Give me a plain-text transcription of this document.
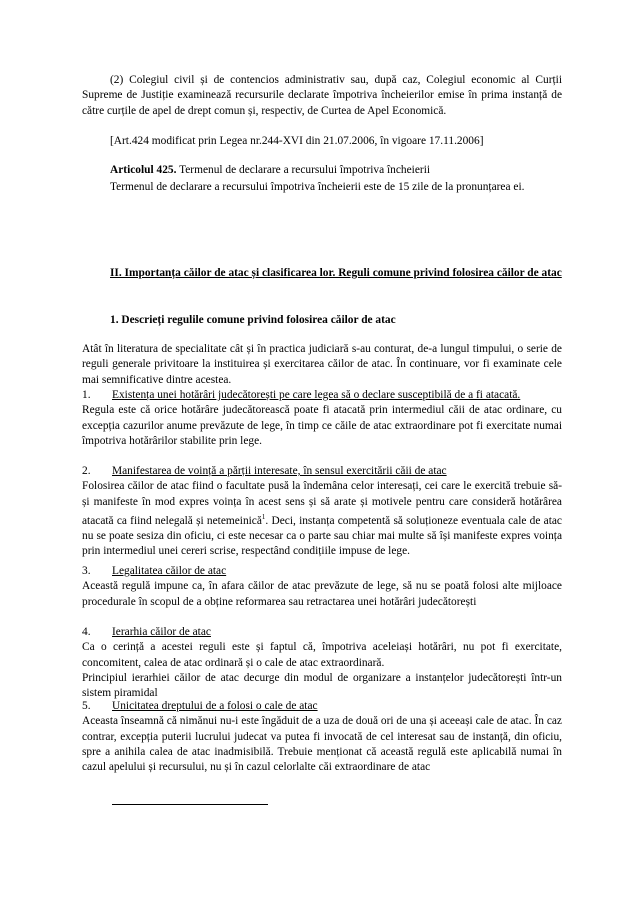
(2) Colegiul civil și de contencios administrativ sau, după caz, Colegiul economic al Curții Supreme de Justiție examinează recursurile declarate împotriva încheierilor emise în prima instanță de către curțile de apel de drept comun și, respectiv, de Curtea de Apel Economică.

[Art.424 modificat prin Legea nr.244-XVI din 21.07.2006, în vigoare 17.11.2006]

Articolul 425. Termenul de declarare a recursului împotriva încheierii

Termenul de declarare a recursului împotriva încheierii este de 15 zile de la pronunțarea ei.

II. Importanța căilor de atac și clasificarea lor. Reguli comune privind folosirea căilor de atac

1. Descrieți regulile comune privind folosirea căilor de atac

Atât în literatura de specialitate cât și în practica judiciară s-au conturat, de-a lungul timpului, o serie de reguli generale privitoare la instituirea și exercitarea căilor de atac. În continuare, vor fi examinate cele mai semnificative dintre acestea.

1.	Existența unei hotărâri judecătorești pe care legea să o declare susceptibilă de a fi atacată.
Regula este că orice hotărâre judecătorească poate fi atacată prin intermediul căii de atac ordinare, cu excepția cazurilor anume prevăzute de lege, în timp ce căile de atac extraordinare pot fi exercitate numai împotriva hotărârilor stabilite prin lege.
2.	Manifestarea de voință a părții interesate, în sensul exercitării căii de atac
Folosirea căilor de atac fiind o facultate pusă la îndemâna celor interesați, cei care le exercită trebuie să-și manifeste în mod expres voința în acest sens și să arate și motivele pentru care consideră hotărârea atacată ca fiind nelegală și netemeinică$^1$. Deci, instanța competentă să soluționeze eventuala cale de atac nu se poate sesiza din oficiu, ci este necesar ca o parte sau chiar mai multe să își manifeste expres voința prin intermediul unei cereri scrise, respectând condițiile impuse de lege.
3.	Legalitatea căilor de atac
Această regulă impune ca, în afara căilor de atac prevăzute de lege, să nu se poată folosi alte mijloace procedurale în scopul de a obține reformarea sau retractarea unei hotărâri judecătorești
4.	Ierarhia căilor de atac
Ca o cerință a acestei reguli este și faptul că, împotriva aceleiași hotărâri, nu pot fi exercitate, concomitent, calea de atac ordinară și o cale de atac extraordinară.
Principiul ierarhiei căilor de atac decurge din modul de organizare a instanțelor judecătorești într-un sistem piramidal
5.	Unicitatea dreptului de a folosi o cale de atac
Aceasta înseamnă că nimănui nu-i este îngăduit de a uza de două ori de una și aceeași cale de atac. În caz contrar, excepția puterii lucrului judecat va putea fi invocată de cel interesat sau de instanță, din oficiu, spre a anihila calea de atac inadmisibilă. Trebuie menționat că această regulă este aplicabilă numai în cazul apelului și recursului, nu și în cazul celorlalte căi extraordinare de atac
